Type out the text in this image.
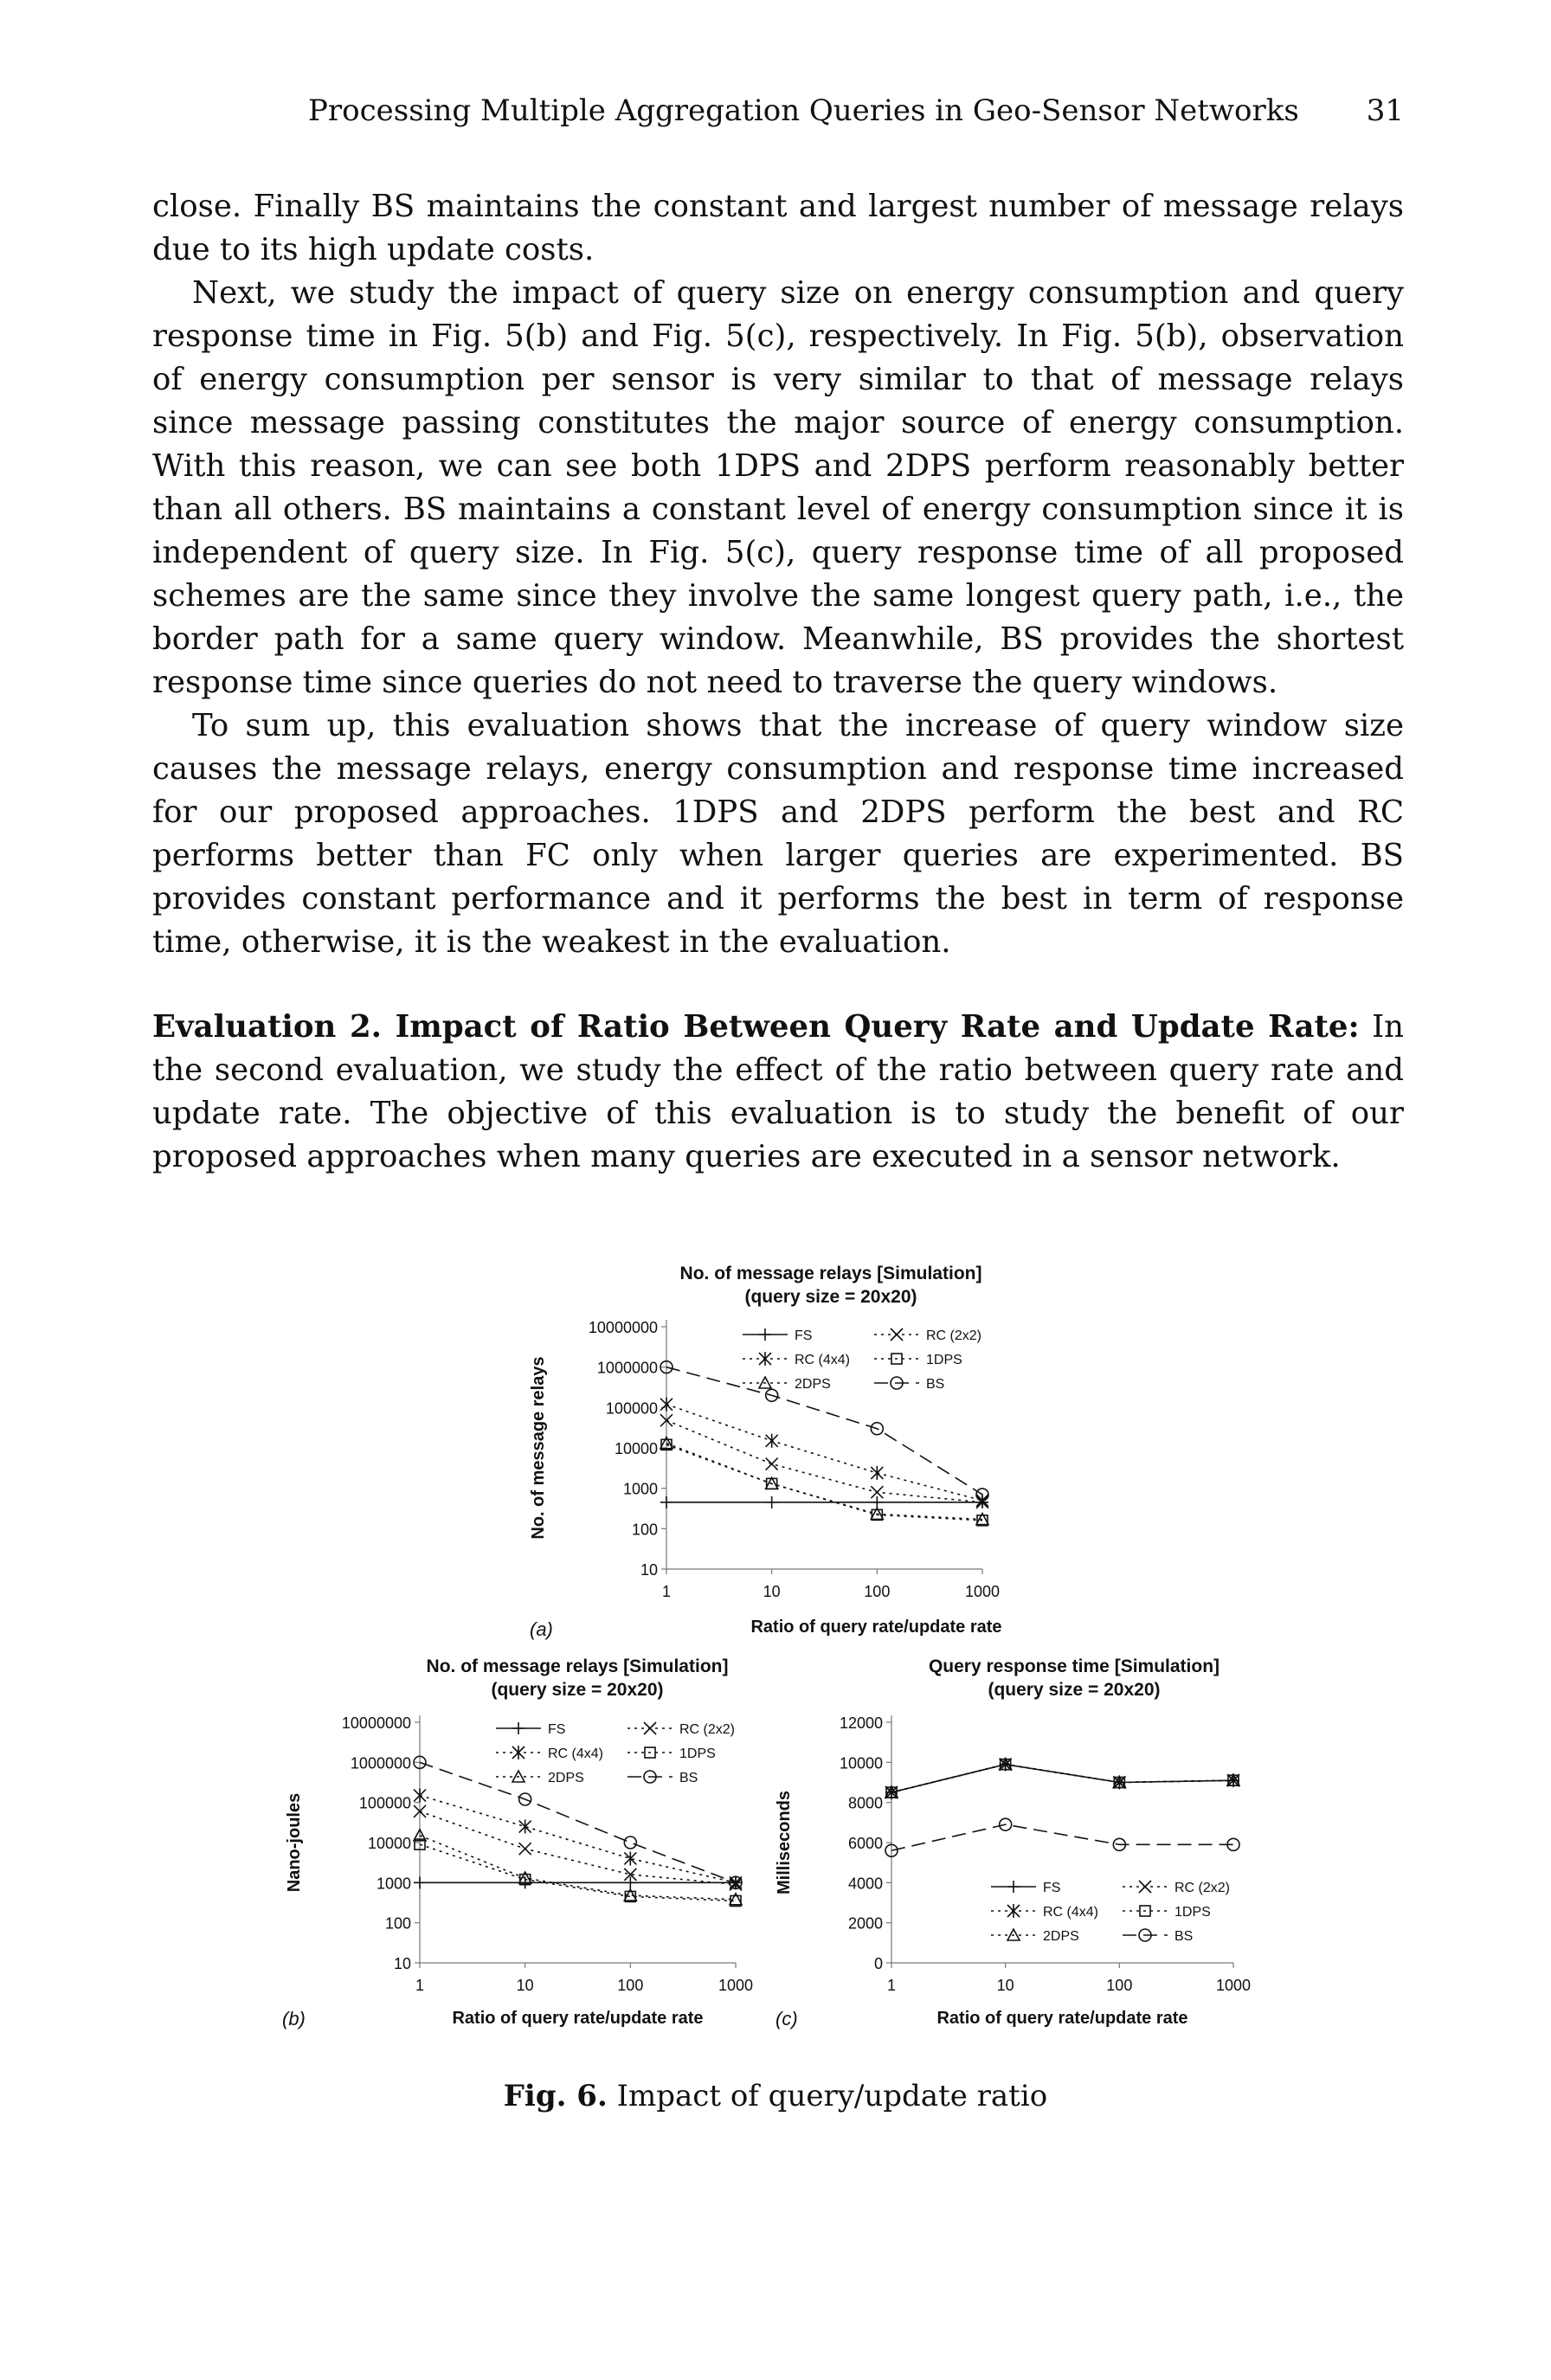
Processing Multiple Aggregation Queries in Geo-Sensor Networks 31

close. Finally BS maintains the constant and largest number of message relays due to its high update costs.

Next, we study the impact of query size on energy consumption and query response time in Fig. 5(b) and Fig. 5(c), respectively. In Fig. 5(b), observation of energy consumption per sensor is very similar to that of message relays since message passing constitutes the major source of energy consumption. With this reason, we can see both 1DPS and 2DPS perform reasonably better than all others. BS maintains a constant level of energy consumption since it is independent of query size. In Fig. 5(c), query response time of all proposed schemes are the same since they involve the same longest query path, i.e., the border path for a same query window. Meanwhile, BS provides the shortest response time since queries do not need to traverse the query windows.

To sum up, this evaluation shows that the increase of query window size causes the message relays, energy consumption and response time increased for our proposed approaches. 1DPS and 2DPS perform the best and RC performs better than FC only when larger queries are experimented. BS provides constant performance and it performs the best in term of response time, otherwise, it is the weakest in the evaluation.

Evaluation 2. Impact of Ratio Between Query Rate and Update Rate: In the second evaluation, we study the effect of the ratio between query rate and update rate. The objective of this evaluation is to study the benefit of our proposed approaches when many queries are executed in a sensor network.

No. of message relays [Simulation]
(query size = 20x20)
10
100
1000
10000
100000
1000000
10000000
1	10	100	1000
Ratio of query rate/update rate
No. of message relays
FS	RC (2x2)
RC (4x4)	1DPS
2DPS	BS
No. of message relays [Simulation]
(query size = 20x20)
10
100
1000
10000
100000
1000000
10000000
1	10	100	1000
Ratio of query rate/update rate
Nano-joules
FS	RC (2x2)
RC (4x4)	1DPS
2DPS	BS
Query response time [Simulation]
(query size = 20x20)
0
2000
4000
6000
8000
10000
12000
1	10	100	1000
Ratio of query rate/update rate
Milliseconds	FS	RC (2x2)
RC (4x4)	1DPS
2DPS	BS
(a)
(b)	(c)
Fig. 6. Impact of query/update ratio
